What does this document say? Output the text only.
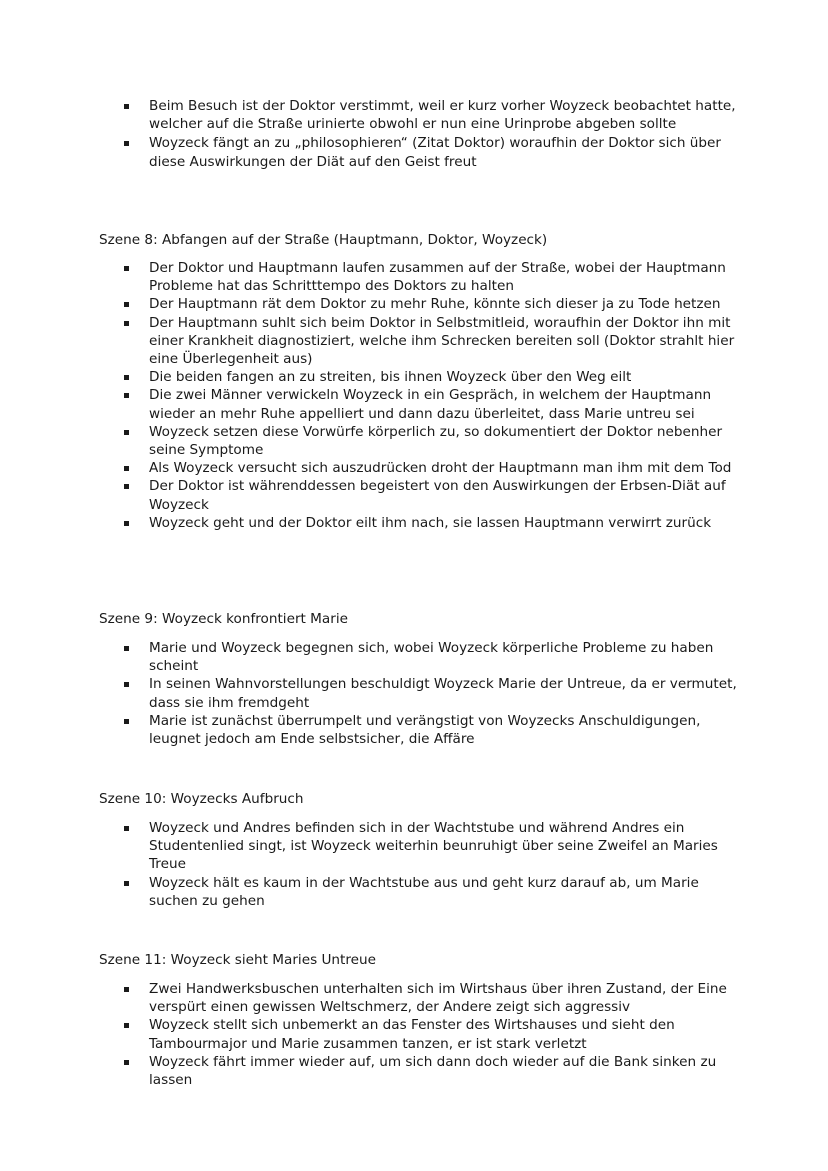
Beim Besuch ist der Doktor verstimmt, weil er kurz vorher Woyzeck beobachtet hatte, welcher auf die Straße urinierte obwohl er nun eine Urinprobe abgeben sollte
Woyzeck fängt an zu „philosophieren“ (Zitat Doktor) woraufhin der Doktor sich über diese Auswirkungen der Diät auf den Geist freut
Szene 8: Abfangen auf der Straße (Hauptmann, Doktor, Woyzeck)
Der Doktor und Hauptmann laufen zusammen auf der Straße, wobei der Hauptmann Probleme hat das Schritttempo des Doktors zu halten
Der Hauptmann rät dem Doktor zu mehr Ruhe, könnte sich dieser ja zu Tode hetzen
Der Hauptmann suhlt sich beim Doktor in Selbstmitleid, woraufhin der Doktor ihn mit einer Krankheit diagnostiziert, welche ihm Schrecken bereiten soll (Doktor strahlt hier eine Überlegenheit aus)
Die beiden fangen an zu streiten, bis ihnen Woyzeck über den Weg eilt
Die zwei Männer verwickeln Woyzeck in ein Gespräch, in welchem der Hauptmann wieder an mehr Ruhe appelliert und dann dazu überleitet, dass Marie untreu sei
Woyzeck setzen diese Vorwürfe körperlich zu, so dokumentiert der Doktor nebenher seine Symptome
Als Woyzeck versucht sich auszudrücken droht der Hauptmann man ihm mit dem Tod
Der Doktor ist währenddessen begeistert von den Auswirkungen der Erbsen-Diät auf Woyzeck
Woyzeck geht und der Doktor eilt ihm nach, sie lassen Hauptmann verwirrt zurück
Szene 9: Woyzeck konfrontiert Marie
Marie und Woyzeck begegnen sich, wobei Woyzeck körperliche Probleme zu haben scheint
In seinen Wahnvorstellungen beschuldigt Woyzeck Marie der Untreue, da er vermutet, dass sie ihm fremdgeht
Marie ist zunächst überrumpelt und verängstigt von Woyzecks Anschuldigungen, leugnet jedoch am Ende selbstsicher, die Affäre
Szene 10: Woyzecks Aufbruch
Woyzeck und Andres befinden sich in der Wachtstube und während Andres ein Studentenlied singt, ist Woyzeck weiterhin beunruhigt über seine Zweifel an Maries Treue
Woyzeck hält es kaum in der Wachtstube aus und geht kurz darauf ab, um Marie suchen zu gehen
Szene 11: Woyzeck sieht Maries Untreue
Zwei Handwerksbuschen unterhalten sich im Wirtshaus über ihren Zustand, der Eine verspürt einen gewissen Weltschmerz, der Andere zeigt sich aggressiv
Woyzeck stellt sich unbemerkt an das Fenster des Wirtshauses und sieht den Tambourmajor und Marie zusammen tanzen, er ist stark verletzt
Woyzeck fährt immer wieder auf, um sich dann doch wieder auf die Bank sinken zu lassen
